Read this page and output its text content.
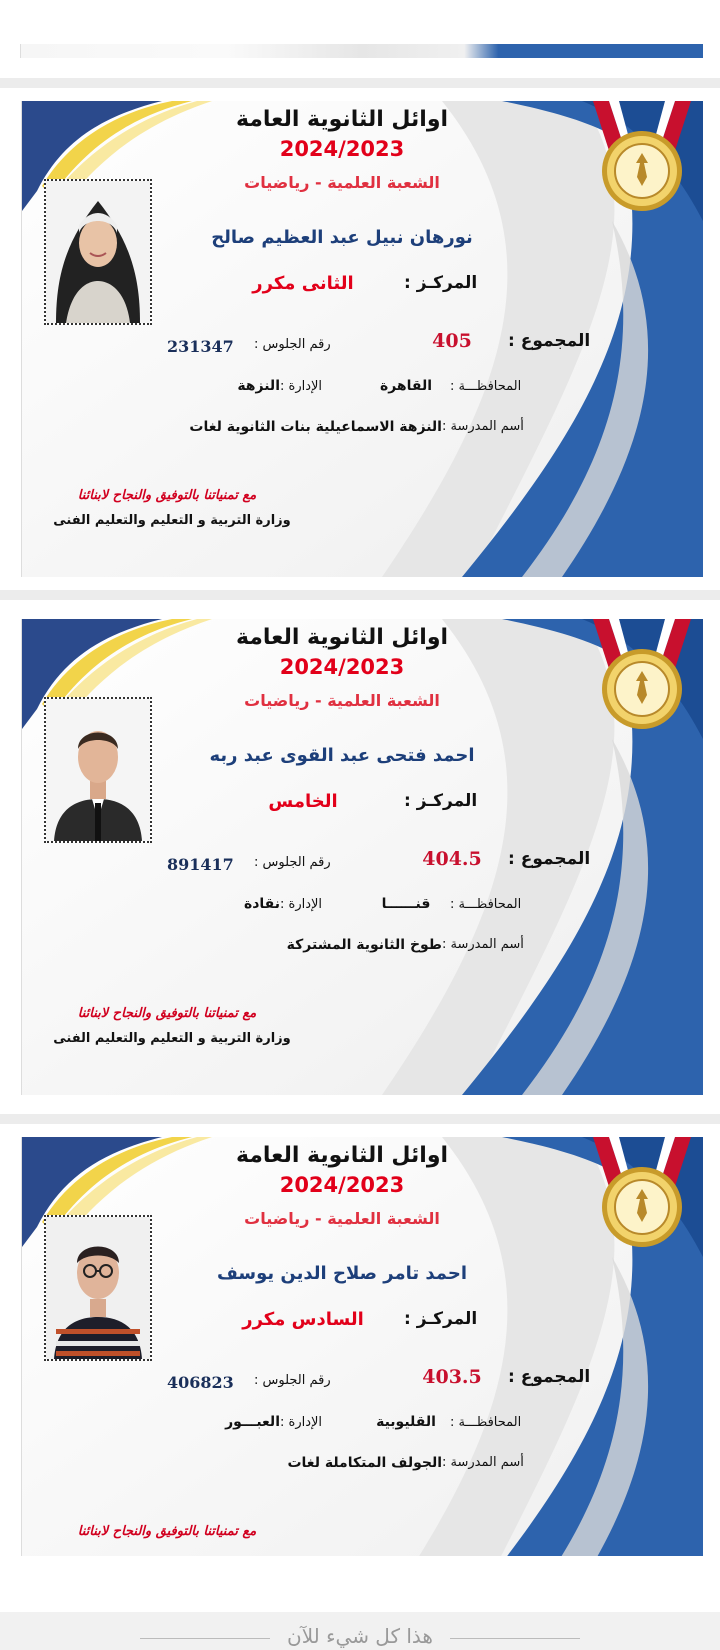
اوائل الثانوية العامة
2024/2023
الشعبة العلمية - رياضيات
نورهان نبيل عبد العظيم صالح
المركـز :
الثانى مكرر
المجموع :
405
رقم الجلوس :
231347
المحافظـــة :
القاهرة
الإدارة :
النزهة
أسم المدرسة :
النزهة الاسماعيلية بنات الثانوية لغات
مع تمنياتنا بالتوفيق والنجاح لابنائنا
وزارة التربية و التعليم والتعليم الفنى
اوائل الثانوية العامة
2024/2023
الشعبة العلمية - رياضيات
احمد فتحى عبد القوى عبد ربه
المركـز :
الخامس
المجموع :
404.5
رقم الجلوس :
891417
المحافظـــة :
قنــــــا
الإدارة :
نقادة
أسم المدرسة :
طوخ الثانوية المشتركة
مع تمنياتنا بالتوفيق والنجاح لابنائنا
وزارة التربية و التعليم والتعليم الفنى
اوائل الثانوية العامة
2024/2023
الشعبة العلمية - رياضيات
احمد تامر صلاح الدين يوسف
المركـز :
السادس مكرر
المجموع :
403.5
رقم الجلوس :
406823
المحافظـــة :
القليوبية
الإدارة :
العبـــور
أسم المدرسة :
الجولف المتكاملة لغات
مع تمنياتنا بالتوفيق والنجاح لابنائنا
هذا كل شيء للآن
